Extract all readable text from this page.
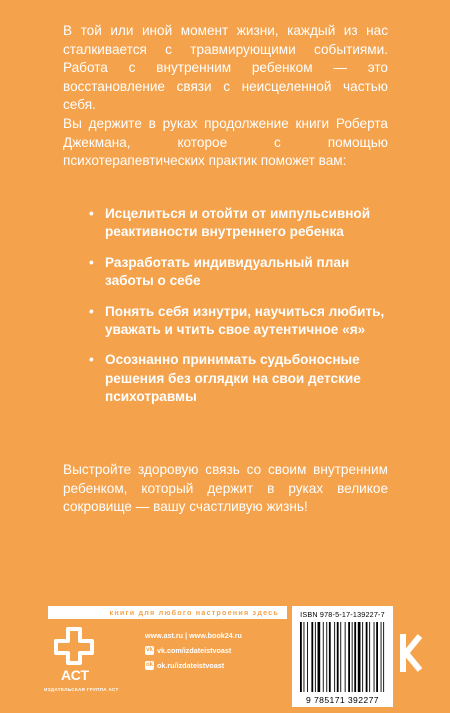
В той или иной момент жизни, каждый из нас сталкивается с травмирующими событиями. Работа с внутренним ребенком — это восстановление связи с неисцеленной частью себя.

Вы держите в руках продолжение книги Роберта Джекмана, которое с помощью психотерапевтических практик поможет вам:

• Исцелиться и отойти от импульсивной реактивности внутреннего ребенка
• Разработать индивидуальный план заботы о себе
• Понять себя изнутри, научиться любить, уважать и чтить свое аутентичное «я»
• Осознанно принимать судьбоносные решения без оглядки на свои детские психотравмы

Выстройте здоровую связь со своим внутренним ребенком, который держит в руках великое сокровище — вашу счастливую жизнь!

книги для любого настроения здесь
АСТ
ИЗДАТЕЛЬСКАЯ ГРУППА АСТ
www.ast.ru | www.book24.ru
vk vk.com/izdateistvoast
ok ok.ru/izdateistvoast
ISBN 978-5-17-139227-7
9 785171 392277
